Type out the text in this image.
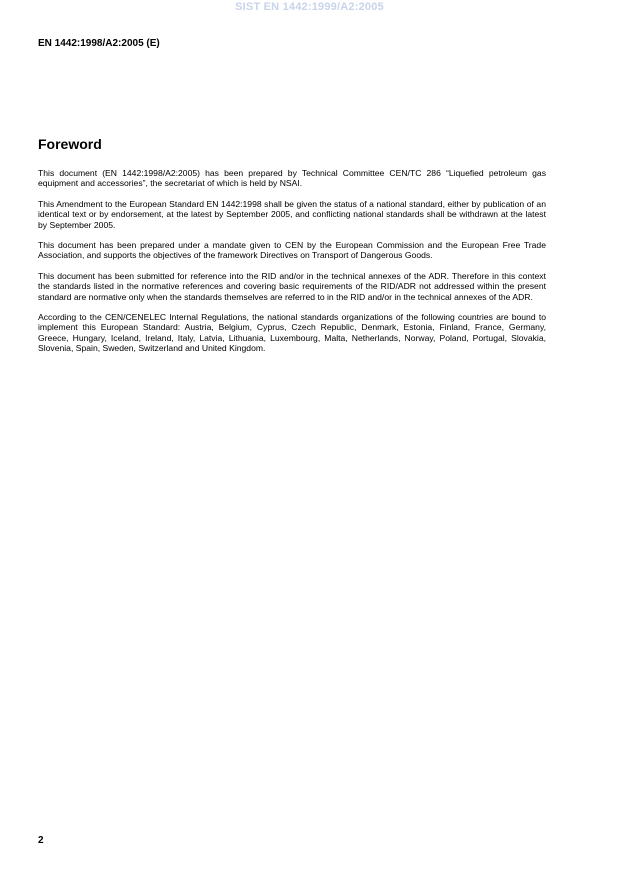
SIST EN 1442:1999/A2:2005
EN 1442:1998/A2:2005 (E)
Foreword

This document (EN 1442:1998/A2:2005) has been prepared by Technical Committee CEN/TC 286 “Liquefied petroleum gas equipment and accessories”, the secretariat of which is held by NSAI.

This Amendment to the European Standard EN 1442:1998 shall be given the status of a national standard, either by publication of an identical text or by endorsement, at the latest by September 2005, and conflicting national standards shall be withdrawn at the latest by September 2005.

This document has been prepared under a mandate given to CEN by the European Commission and the European Free Trade Association, and supports the objectives of the framework Directives on Transport of Dangerous Goods.

This document has been submitted for reference into the RID and/or in the technical annexes of the ADR. Therefore in this context the standards listed in the normative references and covering basic requirements of the RID/ADR not addressed within the present standard are normative only when the standards themselves are referred to in the RID and/or in the technical annexes of the ADR.

According to the CEN/CENELEC Internal Regulations, the national standards organizations of the following countries are bound to implement this European Standard: Austria, Belgium, Cyprus, Czech Republic, Denmark, Estonia, Finland, France, Germany, Greece, Hungary, Iceland, Ireland, Italy, Latvia, Lithuania, Luxembourg, Malta, Netherlands, Norway, Poland, Portugal, Slovakia, Slovenia, Spain, Sweden, Switzerland and United Kingdom.

2
